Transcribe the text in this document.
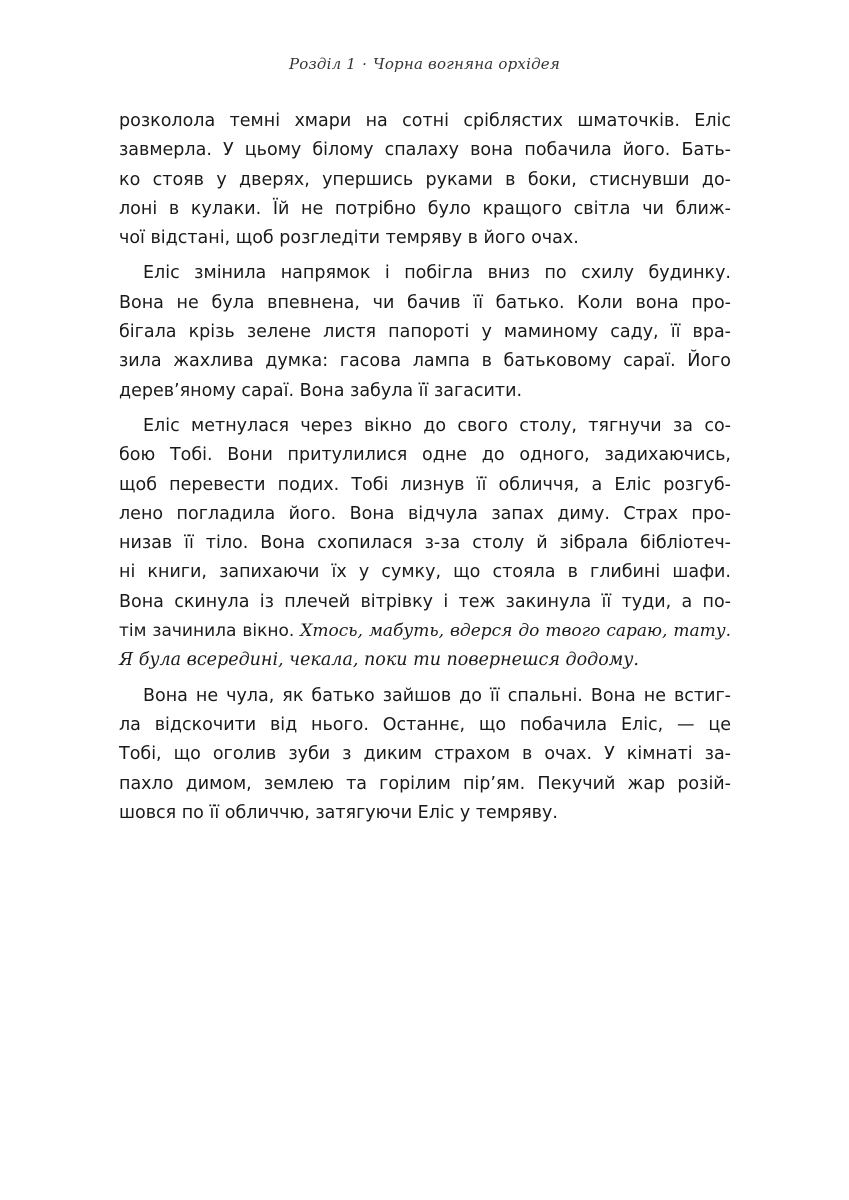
Розділ 1 · Чорна вогняна орхідея
розколола темні хмари на сотні сріблястих шматочків. Еліс
завмерла. У цьому білому спалаху вона побачила його. Бать-
ко стояв у дверях, упершись руками в боки, стиснувши до-
лоні в кулаки. Їй не потрібно було кращого світла чи ближ-
чої відстані, щоб розгледіти темряву в його очах.
Еліс змінила напрямок і побігла вниз по схилу будинку.
Вона не була впевнена, чи бачив її батько. Коли вона про-
бігала крізь зелене листя папороті у маминому саду, її вра-
зила жахлива думка: гасова лампа в батьковому сараї. Його
дерев’яному сараї. Вона забула її загасити.
Еліс метнулася через вікно до свого столу, тягнучи за со-
бою Тобі. Вони притулилися одне до одного, задихаючись,
щоб перевести подих. Тобі лизнув її обличчя, а Еліс розгуб-
лено погладила його. Вона відчула запах диму. Страх про-
низав її тіло. Вона схопилася з-за столу й зібрала бібліотеч-
ні книги, запихаючи їх у сумку, що стояла в глибині шафи.
Вона скинула із плечей вітрівку і теж закинула її туди, а по-
тім зачинила вікно. Хтось, мабуть, вдерся до твого сараю, тату.
Я була всередині, чекала, поки ти повернешся додому.
Вона не чула, як батько зайшов до її спальні. Вона не встиг-
ла відскочити від нього. Останнє, що побачила Еліс, — це
Тобі, що оголив зуби з диким страхом в очах. У кімнаті за-
пахло димом, землею та горілим пір’ям. Пекучий жар розій-
шовся по її обличчю, затягуючи Еліс у темряву.
